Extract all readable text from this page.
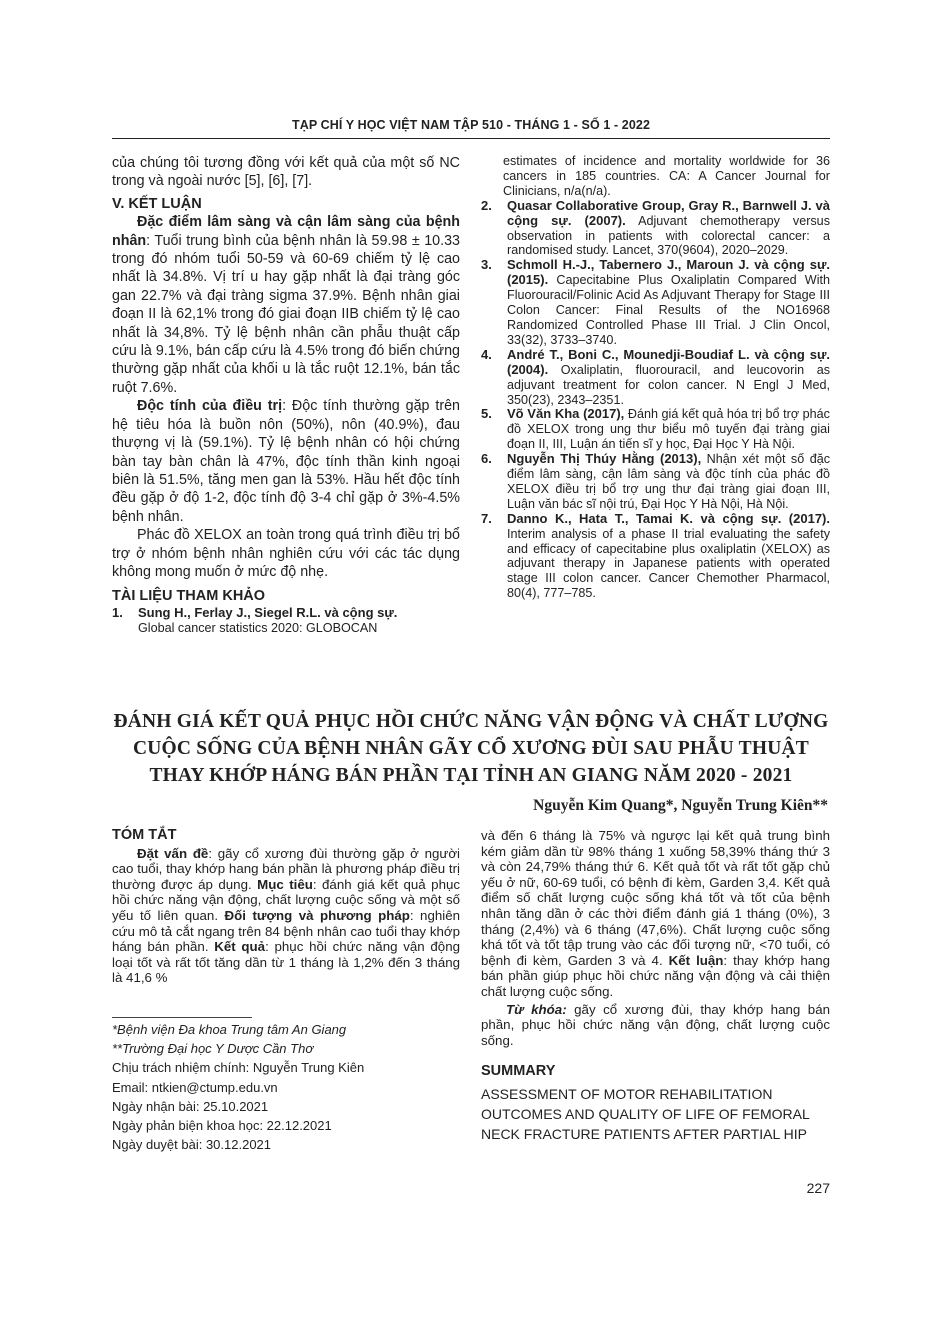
TẠP CHÍ Y HỌC VIỆT NAM TẬP 510 - THÁNG 1 - SỐ 1 - 2022

của chúng tôi tương đồng với kết quả của một số NC trong và ngoài nước [5], [6], [7].

V. KẾT LUẬN

Đặc điểm lâm sàng và cận lâm sàng của bệnh nhân: Tuổi trung bình của bệnh nhân là 59.98 ± 10.33 trong đó nhóm tuổi 50-59 và 60-69 chiếm tỷ lệ cao nhất là 34.8%. Vị trí u hay gặp nhất là đại tràng góc gan 22.7% và đại tràng sigma 37.9%. Bệnh nhân giai đoạn II là 62,1% trong đó giai đoạn IIB chiếm tỷ lệ cao nhất là 34,8%. Tỷ lệ bệnh nhân cần phẫu thuật cấp cứu là 9.1%, bán cấp cứu là 4.5% trong đó biến chứng thường gặp nhất của khối u là tắc ruột 12.1%, bán tắc ruột 7.6%.

Độc tính của điều trị: Độc tính thường gặp trên hệ tiêu hóa là buồn nôn (50%), nôn (40.9%), đau thượng vị là (59.1%). Tỷ lệ bệnh nhân có hội chứng bàn tay bàn chân là 47%, độc tính thần kinh ngoại biên là 51.5%, tăng men gan là 53%. Hầu hết độc tính đều gặp ở độ 1-2, độc tính độ 3-4 chỉ gặp ở 3%-4.5% bệnh nhân.

Phác đồ XELOX an toàn trong quá trình điều trị bổ trợ ở nhóm bệnh nhân nghiên cứu với các tác dụng không mong muốn ở mức độ nhẹ.

TÀI LIỆU THAM KHẢO

1.	Sung H., Ferlay J., Siegel R.L. và cộng sự.
Global cancer statistics 2020: GLOBOCAN

estimates of incidence and mortality worldwide for 36 cancers in 185 countries. CA: A Cancer Journal for Clinicians, n/a(n/a).

2.	Quasar Collaborative Group, Gray R., Barnwell J. và cộng sự. (2007). Adjuvant chemotherapy versus observation in patients with colorectal cancer: a randomised study. Lancet, 370(9604), 2020–2029.
3.	Schmoll H.-J., Tabernero J., Maroun J. và cộng sự. (2015). Capecitabine Plus Oxaliplatin Compared With Fluorouracil/Folinic Acid As Adjuvant Therapy for Stage III Colon Cancer: Final Results of the NO16968 Randomized Controlled Phase III Trial. J Clin Oncol, 33(32), 3733–3740.
4.	André T., Boni C., Mounedji-Boudiaf L. và cộng sự. (2004). Oxaliplatin, fluorouracil, and leucovorin as adjuvant treatment for colon cancer. N Engl J Med, 350(23), 2343–2351.
5.	Võ Văn Kha (2017), Đánh giá kết quả hóa trị bổ trợ phác đồ XELOX trong ung thư biểu mô tuyến đại tràng giai đoạn II, III, Luận án tiến sĩ y học, Đại Học Y Hà Nội.
6.	Nguyễn Thị Thúy Hằng (2013), Nhận xét một số đặc điểm lâm sàng, cận lâm sàng và độc tính của phác đồ XELOX điều trị bổ trợ ung thư đại tràng giai đoạn III, Luận văn bác sĩ nội trú, Đại Học Y Hà Nội, Hà Nội.
7.	Danno K., Hata T., Tamai K. và cộng sự. (2017). Interim analysis of a phase II trial evaluating the safety and efficacy of capecitabine plus oxaliplatin (XELOX) as adjuvant therapy in Japanese patients with operated stage III colon cancer. Cancer Chemother Pharmacol, 80(4), 777–785.
ĐÁNH GIÁ KẾT QUẢ PHỤC HỒI CHỨC NĂNG VẬN ĐỘNG VÀ CHẤT LƯỢNG CUỘC SỐNG CỦA BỆNH NHÂN GÃY CỔ XƯƠNG ĐÙI SAU PHẪU THUẬT THAY KHỚP HÁNG BÁN PHẦN TẠI TỈNH AN GIANG NĂM 2020 - 2021
Nguyễn Kim Quang*, Nguyễn Trung Kiên**

TÓM TẮT

Đặt vấn đề: gãy cổ xương đùi thường gặp ở người cao tuổi, thay khớp hang bán phần là phương pháp điều trị thường được áp dụng. Mục tiêu: đánh giá kết quả phục hồi chức năng vận động, chất lượng cuộc sống và một số yếu tố liên quan. Đối tượng và phương pháp: nghiên cứu mô tả cắt ngang trên 84 bệnh nhân cao tuổi thay khớp háng bán phần. Kết quả: phục hồi chức năng vận động loại tốt và rất tốt tăng dần từ 1 tháng là 1,2% đến 3 tháng là 41,6 %

và đến 6 tháng là 75% và ngược lại kết quả trung bình kém giảm dần từ 98% tháng 1 xuống 58,39% tháng thứ 3 và còn 24,79% tháng thứ 6. Kết quả tốt và rất tốt gặp chủ yếu ở nữ, 60-69 tuổi, có bệnh đi kèm, Garden 3,4. Kết quả điểm số chất lượng cuộc sống khá tốt và tốt của bệnh nhân tăng dần ở các thời điểm đánh giá 1 tháng (0%), 3 tháng (2,4%) và 6 tháng (47,6%). Chất lượng cuộc sống khá tốt và tốt tập trung vào các đối tượng nữ, <70 tuổi, có bệnh đi kèm, Garden 3 và 4. Kết luận: thay khớp hang bán phần giúp phục hồi chức năng vận động và cải thiện chất lượng cuộc sống.

Từ khóa: gãy cổ xương đùi, thay khớp hang bán phần, phục hồi chức năng vận động, chất lượng cuộc sống.

*Bệnh viện Đa khoa Trung tâm An Giang

**Trường Đại học Y Dược Cần Thơ

Chịu trách nhiệm chính: Nguyễn Trung Kiên

Email: ntkien@ctump.edu.vn

Ngày nhận bài: 25.10.2021

Ngày phản biện khoa học: 22.12.2021

Ngày duyệt bài: 30.12.2021

SUMMARY
ASSESSMENT OF MOTOR REHABILITATION OUTCOMES AND QUALITY OF LIFE OF FEMORAL NECK FRACTURE PATIENTS AFTER PARTIAL HIP
227
